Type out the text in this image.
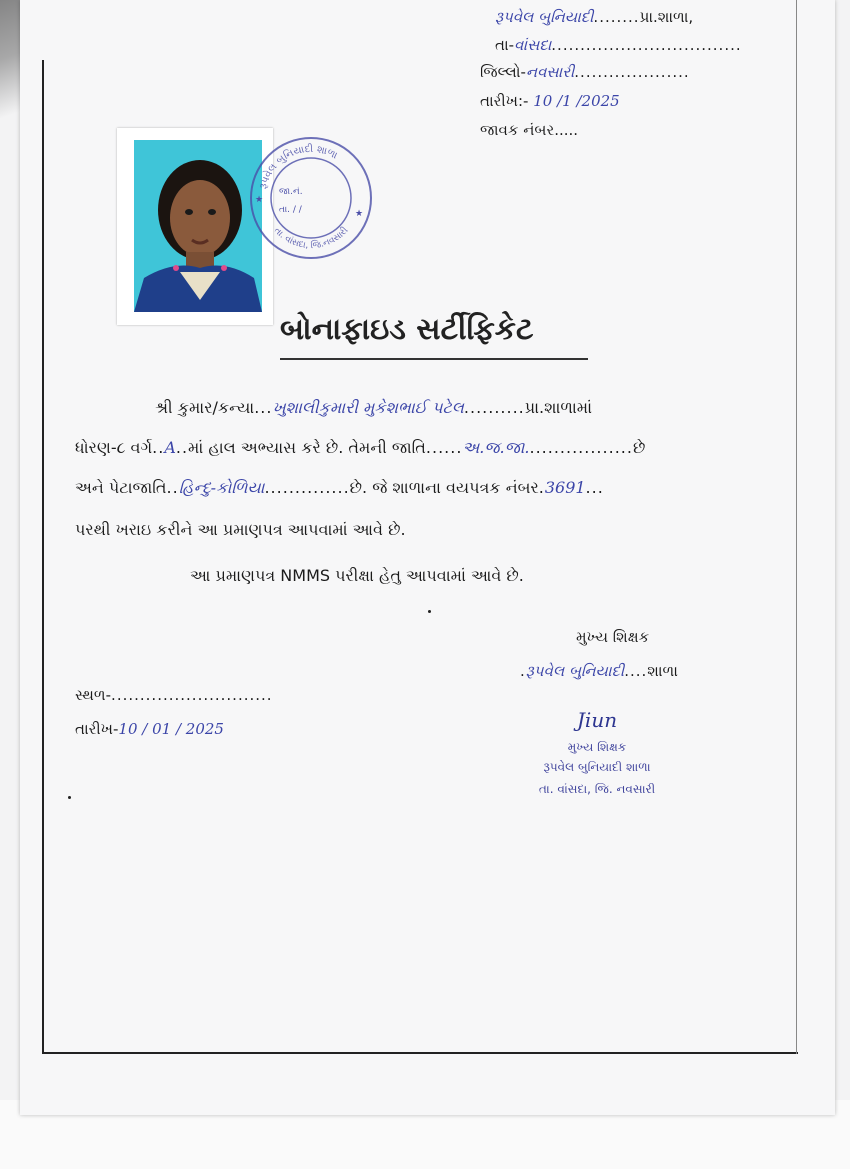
રૂપવેલ બુનિયાદી........પ્રા.શાળા,
તા-વાંસદા.................................
જિલ્લો-નવસારી....................
તારીખ:- 10 /1 /2025
જાવક નંબર.....
રૂપવેલ બુનિયાદી શાળા
તા. વાંસદા, જિ.નવસારી
જા.નં.
તા. / /
★
★
બોનાફાઇડ સર્ટીફિકેટ
શ્રી કુમાર/કન્યા...ખુશાલીકુમારી મુકેશભાઈ પટેલ..........પ્રા.શાળામાં
ધોરણ-૮ વર્ગ..A..માં હાલ અભ્યાસ કરે છે. તેમની જાતિ......અ.જ.જા..................છે
અને પેટાજાતિ..હિન્દુ-કોળિયા..............છે. જે શાળાના વયપત્રક નંબર.3691...
પરથી ખરાઇ કરીને આ પ્રમાણપત્ર આપવામાં આવે છે.
આ પ્રમાણપત્ર NMMS પરીક્ષા હેતુ આપવામાં આવે છે.
મુખ્ય શિક્ષક
.રૂપવેલ બુનિયાદી....શાળા
સ્થળ-............................
તારીખ-10 / 01 / 2025	Jiun
મુખ્ય શિક્ષક
રૂપવેલ બુનિયાદી શાળા
તા. વાંસદા, જિ. નવસારી
